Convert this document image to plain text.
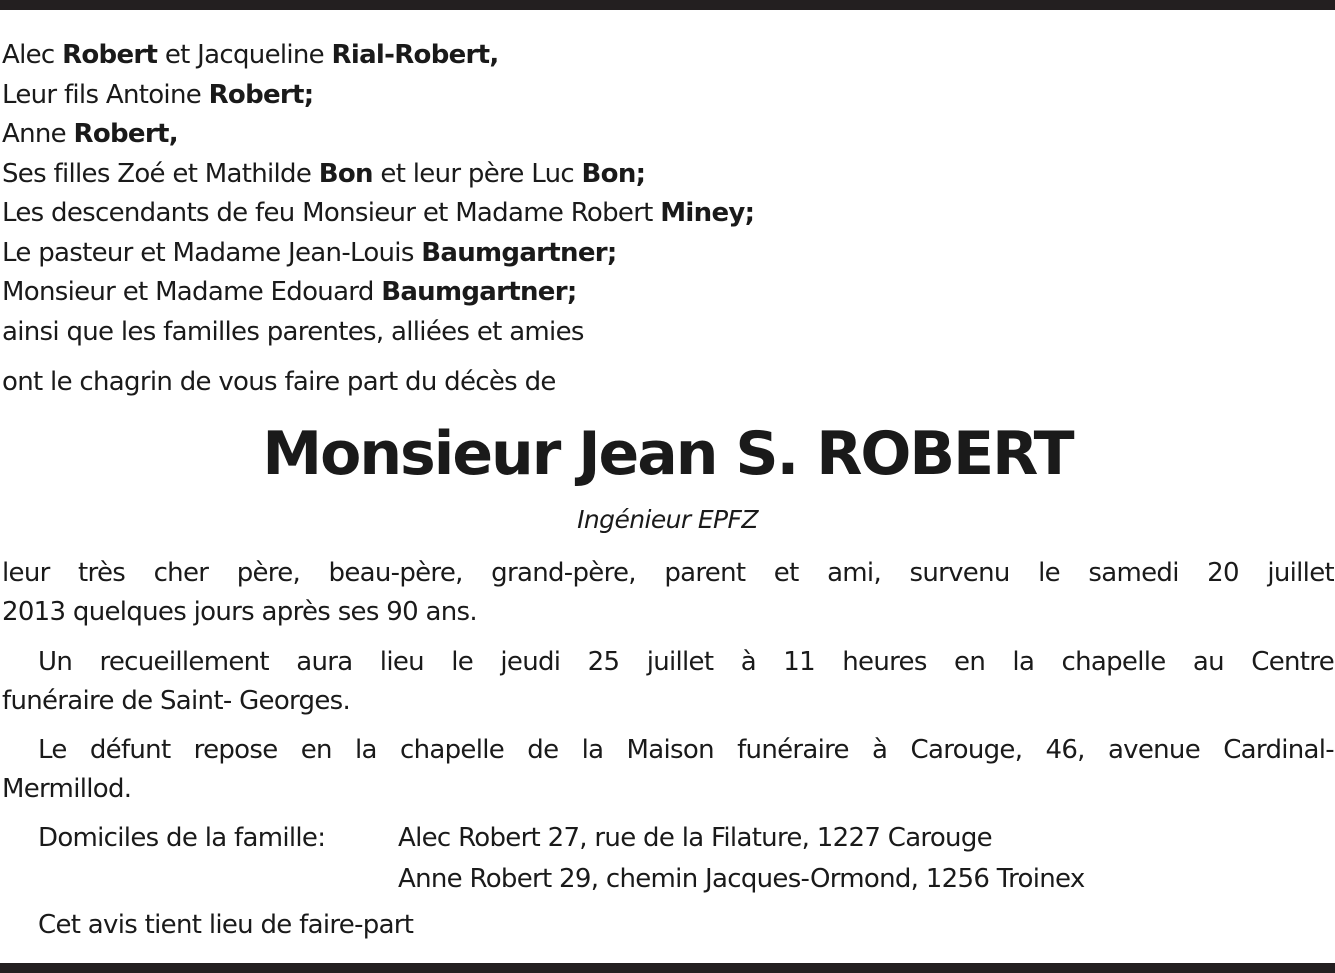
Alec Robert et Jacqueline Rial-Robert,
Leur fils Antoine Robert;
Anne Robert,
Ses filles Zoé et Mathilde Bon et leur père Luc Bon;
Les descendants de feu Monsieur et Madame Robert Miney;
Le pasteur et Madame Jean-Louis Baumgartner;
Monsieur et Madame Edouard Baumgartner;
ainsi que les familles parentes, alliées et amies
ont le chagrin de vous faire part du décès de
Monsieur Jean S. ROBERT
Ingénieur EPFZ
leur très cher père, beau-père, grand-père, parent et ami, survenu le samedi 20 juillet
2013 quelques jours après ses 90 ans.
Un recueillement aura lieu le jeudi 25 juillet à 11 heures en la chapelle au Centre
funéraire de Saint- Georges.
Le défunt repose en la chapelle de la Maison funéraire à Carouge, 46, avenue Cardinal-
Mermillod.
Domiciles de la famille:	Alec Robert 27, rue de la Filature, 1227 Carouge
Anne Robert 29, chemin Jacques-Ormond, 1256 Troinex
Cet avis tient lieu de faire-part
